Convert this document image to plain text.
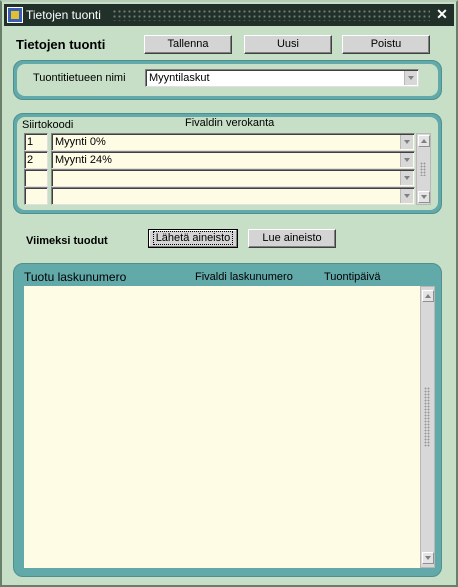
Tietojen tuonti	✕
Tietojen tuonti	Tallenna	Uusi	Poistu
Tuontitietueen nimi	Myyntilaskut
Siirtokoodi	Fivaldin verokanta
1	Myynti 0%
2	Myynti 24%
Viimeksi tuodut	Lähetä aineisto	Lue aineisto
Tuotu laskunumero	Fivaldi laskunumero	Tuontipäivä
